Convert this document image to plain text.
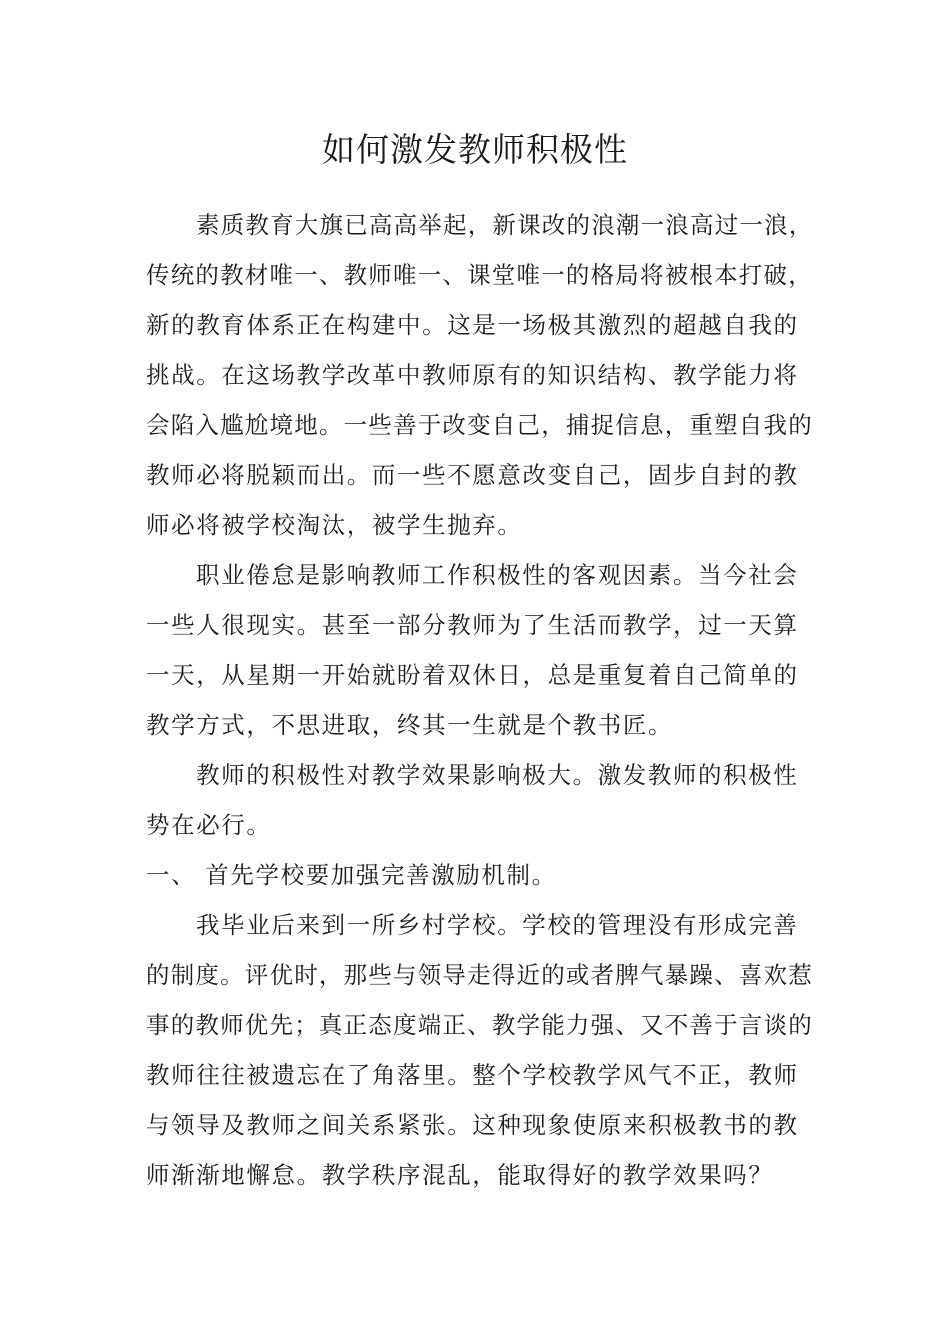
如何激发教师积极性
素质教育大旗已高高举起，新课改的浪潮一浪高过一浪，
传统的教材唯一、教师唯一、课堂唯一的格局将被根本打破，
新的教育体系正在构建中。这是一场极其激烈的超越自我的
挑战。在这场教学改革中教师原有的知识结构、教学能力将
会陷入尴尬境地。一些善于改变自己，捕捉信息，重塑自我的
教师必将脱颖而出。而一些不愿意改变自己，固步自封的教
师必将被学校淘汰，被学生抛弃。
职业倦怠是影响教师工作积极性的客观因素。当今社会
一些人很现实。甚至一部分教师为了生活而教学，过一天算
一天，从星期一开始就盼着双休日，总是重复着自己简单的
教学方式，不思进取，终其一生就是个教书匠。
教师的积极性对教学效果影响极大。激发教师的积极性
势在必行。
一、 首先学校要加强完善激励机制。
我毕业后来到一所乡村学校。学校的管理没有形成完善
的制度。评优时，那些与领导走得近的或者脾气暴躁、喜欢惹
事的教师优先；真正态度端正、教学能力强、又不善于言谈的
教师往往被遗忘在了角落里。整个学校教学风气不正，教师
与领导及教师之间关系紧张。这种现象使原来积极教书的教
师渐渐地懈怠。教学秩序混乱，能取得好的教学效果吗？
